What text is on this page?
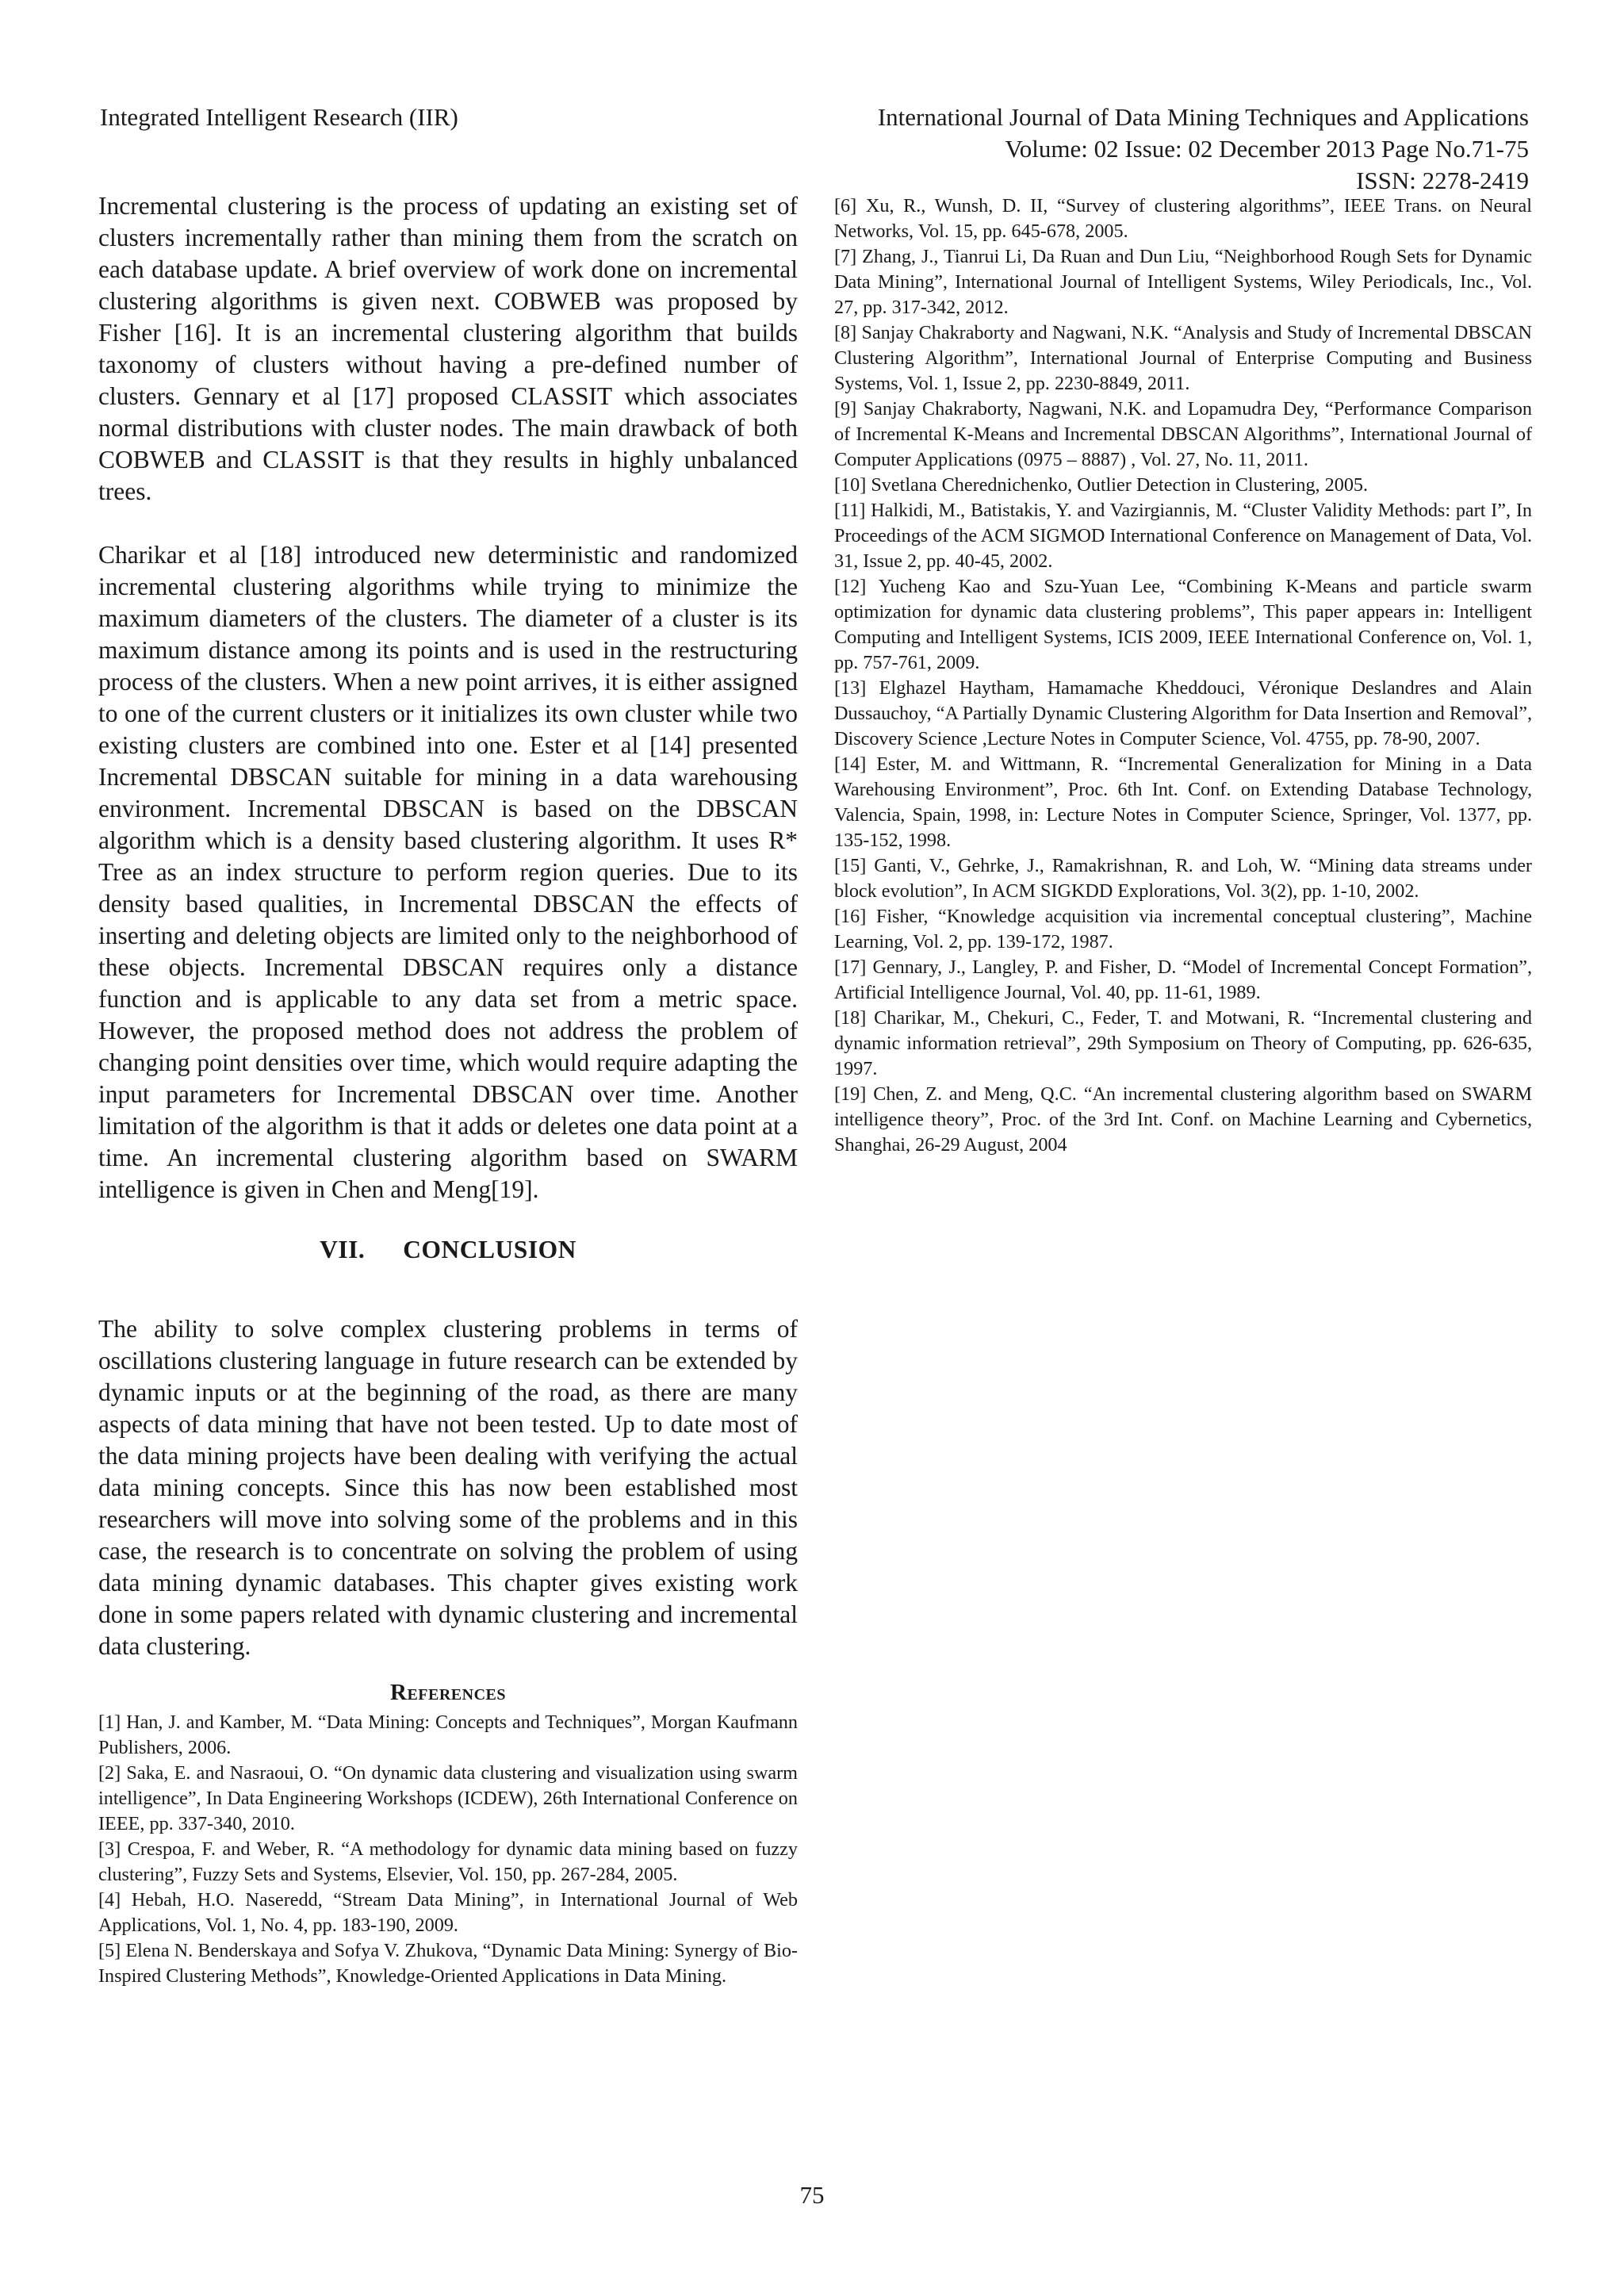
Integrated Intelligent Research (IIR)	International Journal of Data Mining Techniques and Applications
Volume: 02 Issue: 02 December 2013 Page No.71-75
ISSN: 2278-2419

Incremental clustering is the process of updating an existing set of clusters incrementally rather than mining them from the scratch on each database update. A brief overview of work done on incremental clustering algorithms is given next. COBWEB was proposed by Fisher [16]. It is an incremental clustering algorithm that builds taxonomy of clusters without having a pre-defined number of clusters. Gennary et al [17] proposed CLASSIT which associates normal distributions with cluster nodes. The main drawback of both COBWEB and CLASSIT is that they results in highly unbalanced trees.

Charikar et al [18] introduced new deterministic and randomized incremental clustering algorithms while trying to minimize the maximum diameters of the clusters. The diameter of a cluster is its maximum distance among its points and is used in the restructuring process of the clusters. When a new point arrives, it is either assigned to one of the current clusters or it initializes its own cluster while two existing clusters are combined into one. Ester et al [14] presented Incremental DBSCAN suitable for mining in a data warehousing environment. Incremental DBSCAN is based on the DBSCAN algorithm which is a density based clustering algorithm. It uses R* Tree as an index structure to perform region queries. Due to its density based qualities, in Incremental DBSCAN the effects of inserting and deleting objects are limited only to the neighborhood of these objects. Incremental DBSCAN requires only a distance function and is applicable to any data set from a metric space. However, the proposed method does not address the problem of changing point densities over time, which would require adapting the input parameters for Incremental DBSCAN over time. Another limitation of the algorithm is that it adds or deletes one data point at a time. An incremental clustering algorithm based on SWARM intelligence is given in Chen and Meng[19].

VII. CONCLUSION

The ability to solve complex clustering problems in terms of oscillations clustering language in future research can be extended by dynamic inputs or at the beginning of the road, as there are many aspects of data mining that have not been tested. Up to date most of the data mining projects have been dealing with verifying the actual data mining concepts. Since this has now been established most researchers will move into solving some of the problems and in this case, the research is to concentrate on solving the problem of using data mining dynamic databases. This chapter gives existing work done in some papers related with dynamic clustering and incremental data clustering.

References

[1] Han, J. and Kamber, M. “Data Mining: Concepts and Techniques”, Morgan Kaufmann Publishers, 2006.

[2] Saka, E. and Nasraoui, O. “On dynamic data clustering and visualization using swarm intelligence”, In Data Engineering Workshops (ICDEW), 26th International Conference on IEEE, pp. 337-340, 2010.

[3] Crespoa, F. and Weber, R. “A methodology for dynamic data mining based on fuzzy clustering”, Fuzzy Sets and Systems, Elsevier, Vol. 150, pp. 267-284, 2005.

[4] Hebah, H.O. Naseredd, “Stream Data Mining”, in International Journal of Web Applications, Vol. 1, No. 4, pp. 183-190, 2009.

[5] Elena N. Benderskaya and Sofya V. Zhukova, “Dynamic Data Mining: Synergy of Bio-Inspired Clustering Methods”, Knowledge-Oriented Applications in Data Mining.

[6] Xu, R., Wunsh, D. II, “Survey of clustering algorithms”, IEEE Trans. on Neural Networks, Vol. 15, pp. 645-678, 2005.

[7] Zhang, J., Tianrui Li, Da Ruan and Dun Liu, “Neighborhood Rough Sets for Dynamic Data Mining”, International Journal of Intelligent Systems, Wiley Periodicals, Inc., Vol. 27, pp. 317-342, 2012.

[8] Sanjay Chakraborty and Nagwani, N.K. “Analysis and Study of Incremental DBSCAN Clustering Algorithm”, International Journal of Enterprise Computing and Business Systems, Vol. 1, Issue 2, pp. 2230-8849, 2011.

[9] Sanjay Chakraborty, Nagwani, N.K. and Lopamudra Dey, “Performance Comparison of Incremental K-Means and Incremental DBSCAN Algorithms”, International Journal of Computer Applications (0975 – 8887) , Vol. 27, No. 11, 2011.

[10] Svetlana Cherednichenko, Outlier Detection in Clustering, 2005.

[11] Halkidi, M., Batistakis, Y. and Vazirgiannis, M. “Cluster Validity Methods: part I”, In Proceedings of the ACM SIGMOD International Conference on Management of Data, Vol. 31, Issue 2, pp. 40-45, 2002.

[12] Yucheng Kao and Szu-Yuan Lee, “Combining K-Means and particle swarm optimization for dynamic data clustering problems”, This paper appears in: Intelligent Computing and Intelligent Systems, ICIS 2009, IEEE International Conference on, Vol. 1, pp. 757-761, 2009.

[13] Elghazel Haytham, Hamamache Kheddouci, Véronique Deslandres and Alain Dussauchoy, “A Partially Dynamic Clustering Algorithm for Data Insertion and Removal”, Discovery Science ,Lecture Notes in Computer Science, Vol. 4755, pp. 78-90, 2007.

[14] Ester, M. and Wittmann, R. “Incremental Generalization for Mining in a Data Warehousing Environment”, Proc. 6th Int. Conf. on Extending Database Technology, Valencia, Spain, 1998, in: Lecture Notes in Computer Science, Springer, Vol. 1377, pp. 135-152, 1998.

[15] Ganti, V., Gehrke, J., Ramakrishnan, R. and Loh, W. “Mining data streams under block evolution”, In ACM SIGKDD Explorations, Vol. 3(2), pp. 1-10, 2002.

[16] Fisher, “Knowledge acquisition via incremental conceptual clustering”, Machine Learning, Vol. 2, pp. 139-172, 1987.

[17] Gennary, J., Langley, P. and Fisher, D. “Model of Incremental Concept Formation”, Artificial Intelligence Journal, Vol. 40, pp. 11-61, 1989.

[18] Charikar, M., Chekuri, C., Feder, T. and Motwani, R. “Incremental clustering and dynamic information retrieval”, 29th Symposium on Theory of Computing, pp. 626-635, 1997.

[19] Chen, Z. and Meng, Q.C. “An incremental clustering algorithm based on SWARM intelligence theory”, Proc. of the 3rd Int. Conf. on Machine Learning and Cybernetics, Shanghai, 26-29 August, 2004

75
